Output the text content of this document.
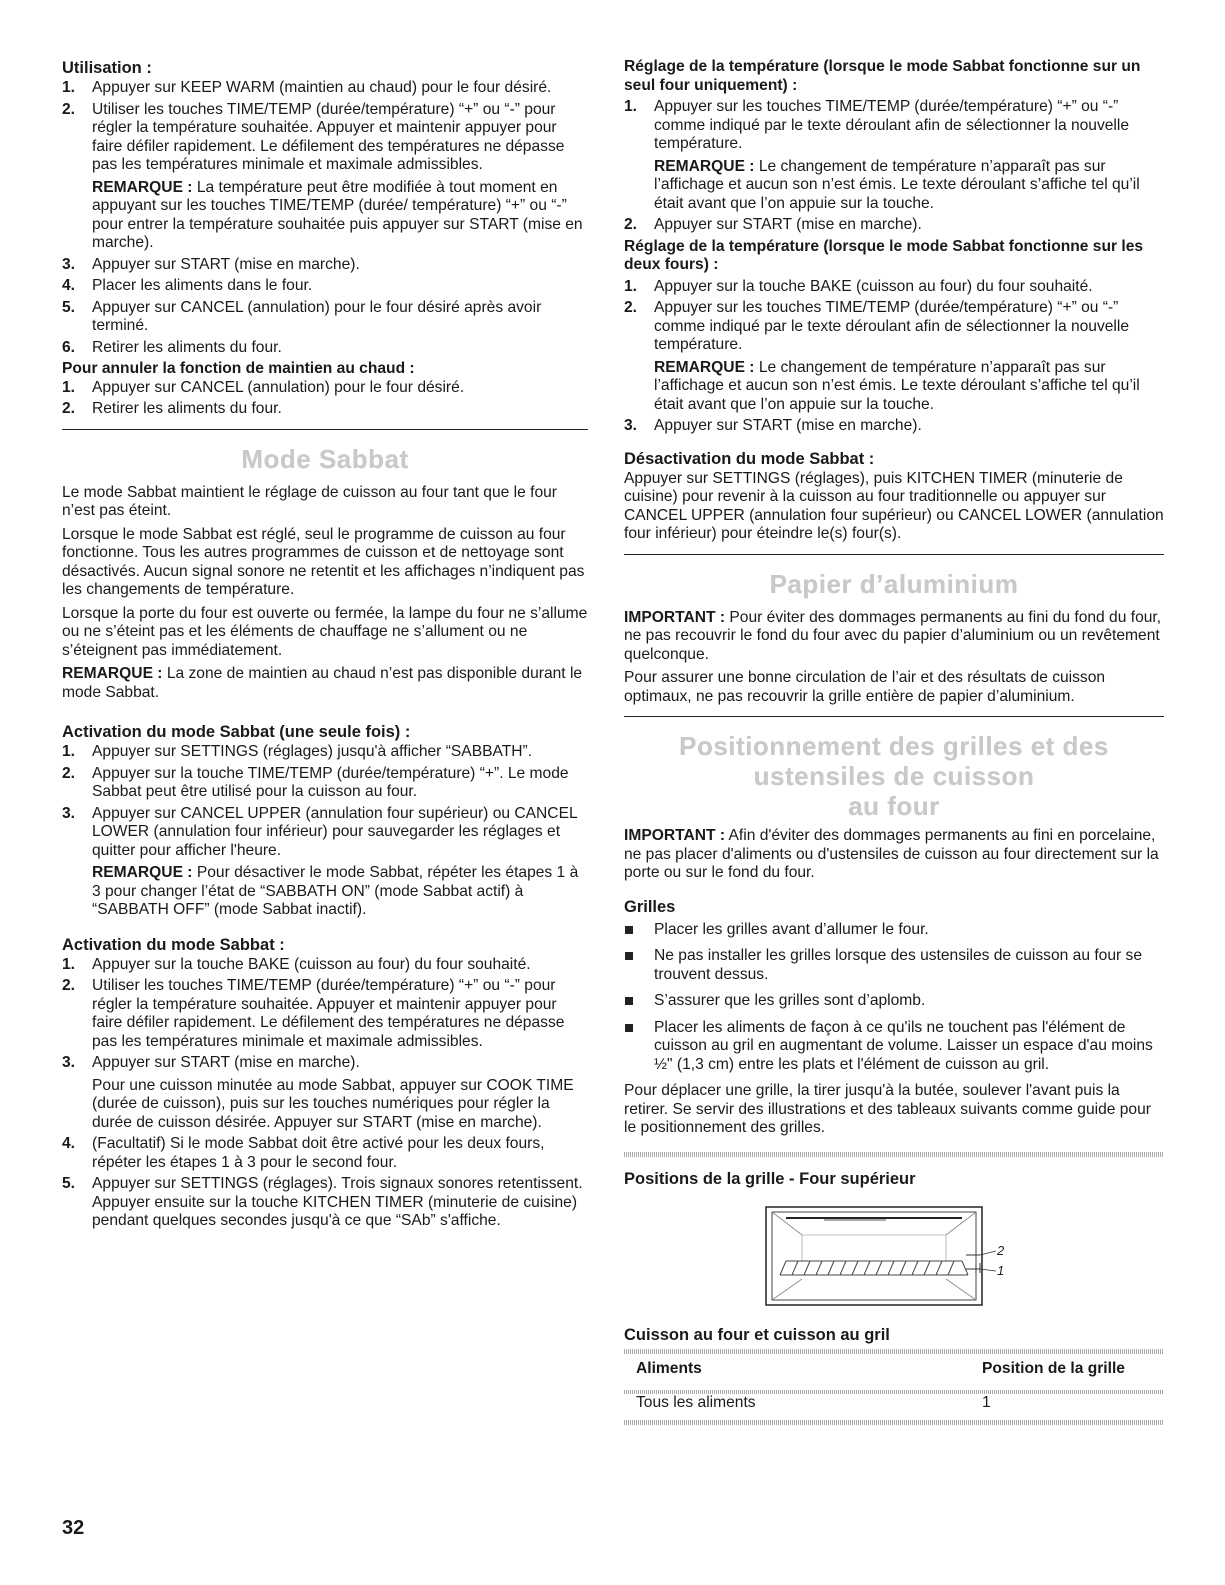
Utilisation :
1. Appuyer sur KEEP WARM (maintien au chaud) pour le four désiré.
2. Utiliser les touches TIME/TEMP (durée/température) “+” ou “-” pour régler la température souhaitée. Appuyer et maintenir appuyer pour faire défiler rapidement. Le défilement des températures ne dépasse pas les températures minimale et maximale admissibles.

REMARQUE : La température peut être modifiée à tout moment en appuyant sur les touches TIME/TEMP (durée/ température) “+” ou “-” pour entrer la température souhaitée puis appuyer sur START (mise en marche).

3. Appuyer sur START (mise en marche).
4. Placer les aliments dans le four.
5. Appuyer sur CANCEL (annulation) pour le four désiré après avoir terminé.
6. Retirer les aliments du four.
Pour annuler la fonction de maintien au chaud :
1. Appuyer sur CANCEL (annulation) pour le four désiré.
2. Retirer les aliments du four.
Mode Sabbat

Le mode Sabbat maintient le réglage de cuisson au four tant que le four n’est pas éteint.

Lorsque le mode Sabbat est réglé, seul le programme de cuisson au four fonctionne. Tous les autres programmes de cuisson et de nettoyage sont désactivés. Aucun signal sonore ne retentit et les affichages n’indiquent pas les changements de température.

Lorsque la porte du four est ouverte ou fermée, la lampe du four ne s’allume ou ne s’éteint pas et les éléments de chauffage ne s’allument ou ne s’éteignent pas immédiatement.

REMARQUE : La zone de maintien au chaud n’est pas disponible durant le mode Sabbat.

Activation du mode Sabbat (une seule fois) :
1. Appuyer sur SETTINGS (réglages) jusqu'à afficher “SABBATH”.
2. Appuyer sur la touche TIME/TEMP (durée/température) “+”. Le mode Sabbat peut être utilisé pour la cuisson au four.
3. Appuyer sur CANCEL UPPER (annulation four supérieur) ou CANCEL LOWER (annulation four inférieur) pour sauvegarder les réglages et quitter pour afficher l'heure.

REMARQUE : Pour désactiver le mode Sabbat, répéter les étapes 1 à 3 pour changer l’état de “SABBATH ON” (mode Sabbat actif) à “SABBATH OFF” (mode Sabbat inactif).

Activation du mode Sabbat :
1. Appuyer sur la touche BAKE (cuisson au four) du four souhaité.
2. Utiliser les touches TIME/TEMP (durée/température) “+” ou “-” pour régler la température souhaitée. Appuyer et maintenir appuyer pour faire défiler rapidement. Le défilement des températures ne dépasse pas les températures minimale et maximale admissibles.
3. Appuyer sur START (mise en marche).

Pour une cuisson minutée au mode Sabbat, appuyer sur COOK TIME (durée de cuisson), puis sur les touches numériques pour régler la durée de cuisson désirée. Appuyer sur START (mise en marche).

4. (Facultatif) Si le mode Sabbat doit être activé pour les deux fours, répéter les étapes 1 à 3 pour le second four.
5. Appuyer sur SETTINGS (réglages). Trois signaux sonores retentissent. Appuyer ensuite sur la touche KITCHEN TIMER (minuterie de cuisine) pendant quelques secondes jusqu'à ce que “SAb” s'affiche.
Réglage de la température (lorsque le mode Sabbat fonctionne sur un seul four uniquement) :
1. Appuyer sur les touches TIME/TEMP (durée/température) “+” ou “-” comme indiqué par le texte déroulant afin de sélectionner la nouvelle température.

REMARQUE : Le changement de température n’apparaît pas sur l’affichage et aucun son n’est émis. Le texte déroulant s’affiche tel qu’il était avant que l’on appuie sur la touche.

2. Appuyer sur START (mise en marche).
Réglage de la température (lorsque le mode Sabbat fonctionne sur les deux fours) :
1. Appuyer sur la touche BAKE (cuisson au four) du four souhaité.
2. Appuyer sur les touches TIME/TEMP (durée/température) “+” ou “-” comme indiqué par le texte déroulant afin de sélectionner la nouvelle température.

REMARQUE : Le changement de température n’apparaît pas sur l’affichage et aucun son n’est émis. Le texte déroulant s’affiche tel qu’il était avant que l’on appuie sur la touche.

3. Appuyer sur START (mise en marche).
Désactivation du mode Sabbat :

Appuyer sur SETTINGS (réglages), puis KITCHEN TIMER (minuterie de cuisine) pour revenir à la cuisson au four traditionnelle ou appuyer sur CANCEL UPPER (annulation four supérieur) ou CANCEL LOWER (annulation four inférieur) pour éteindre le(s) four(s).

Papier d’aluminium

IMPORTANT : Pour éviter des dommages permanents au fini du fond du four, ne pas recouvrir le fond du four avec du papier d’aluminium ou un revêtement quelconque.

Pour assurer une bonne circulation de l’air et des résultats de cuisson optimaux, ne pas recouvrir la grille entière de papier d’aluminium.

Positionnement des grilles et des ustensiles de cuisson
au four

IMPORTANT : Afin d'éviter des dommages permanents au fini en porcelaine, ne pas placer d'aliments ou d'ustensiles de cuisson au four directement sur la porte ou sur le fond du four.

Grilles
Placer les grilles avant d’allumer le four.
Ne pas installer les grilles lorsque des ustensiles de cuisson au four se trouvent dessus.
S’assurer que les grilles sont d’aplomb.
Placer les aliments de façon à ce qu'ils ne touchent pas l'élément de cuisson au gril en augmentant de volume. Laisser un espace d'au moins ½" (1,3 cm) entre les plats et l'élément de cuisson au gril.

Pour déplacer une grille, la tirer jusqu'à la butée, soulever l'avant puis la retirer. Se servir des illustrations et des tableaux suivants comme guide pour le positionnement des grilles.

Positions de la grille - Four supérieur
2
1
Cuisson au four et cuisson au gril
Aliments	Position de la grille
Tous les aliments	1
32
